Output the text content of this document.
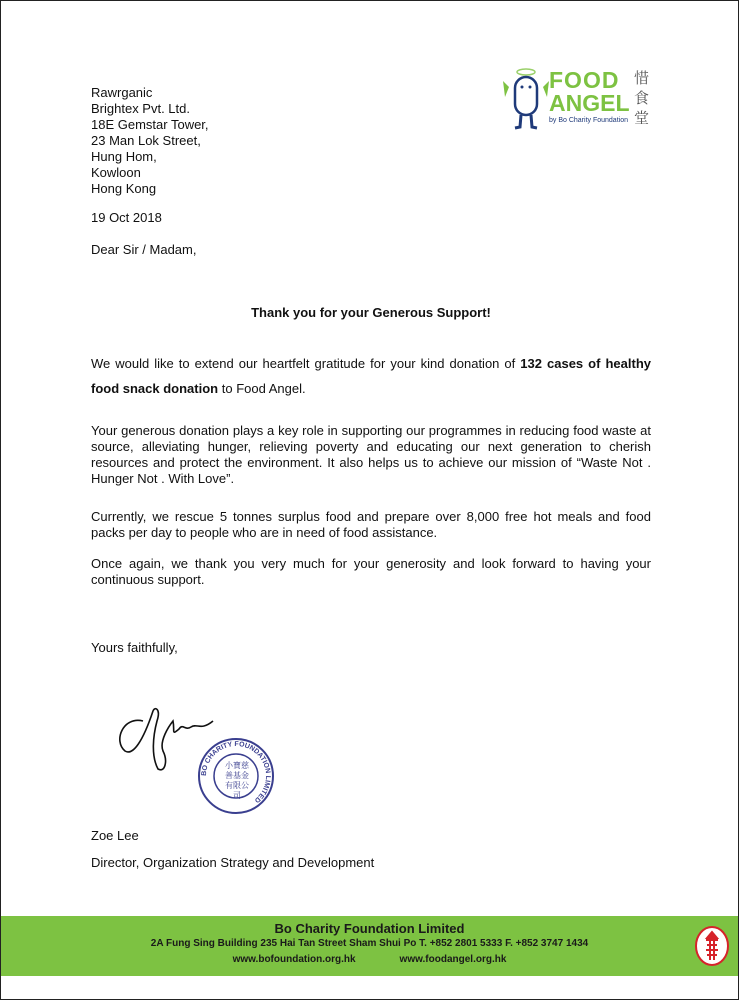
FOOD
ANGEL
by Bo Charity Foundation
惜食堂
Rawrganic
Brightex Pvt. Ltd.
18E Gemstar Tower,
23 Man Lok Street,
Hung Hom,
Kowloon
Hong Kong
19 Oct 2018
Dear Sir / Madam,
Thank you for your Generous Support!
We would like to extend our heartfelt gratitude for your kind donation of 132 cases of healthy food snack donation to Food Angel.
Your generous donation plays a key role in supporting our programmes in reducing food waste at source, alleviating hunger, relieving poverty and educating our next generation to cherish resources and protect the environment. It also helps us to achieve our mission of “Waste Not . Hunger Not . With Love”.
Currently, we rescue 5 tonnes surplus food and prepare over 8,000 free hot meals and food packs per day to people who are in need of food assistance.
Once again, we thank you very much for your generosity and look forward to having your continuous support.
Yours faithfully,
BO CHARITY FOUNDATION LIMITED
小寶慈善基金有限公司
Zoe Lee
Director, Organization Strategy and Development
Bo Charity Foundation Limited
2A Fung Sing Building 235 Hai Tan Street Sham Shui Po T. +852 2801 5333 F. +852 3747 1434
www.bofoundation.org.hk	www.foodangel.org.hk
